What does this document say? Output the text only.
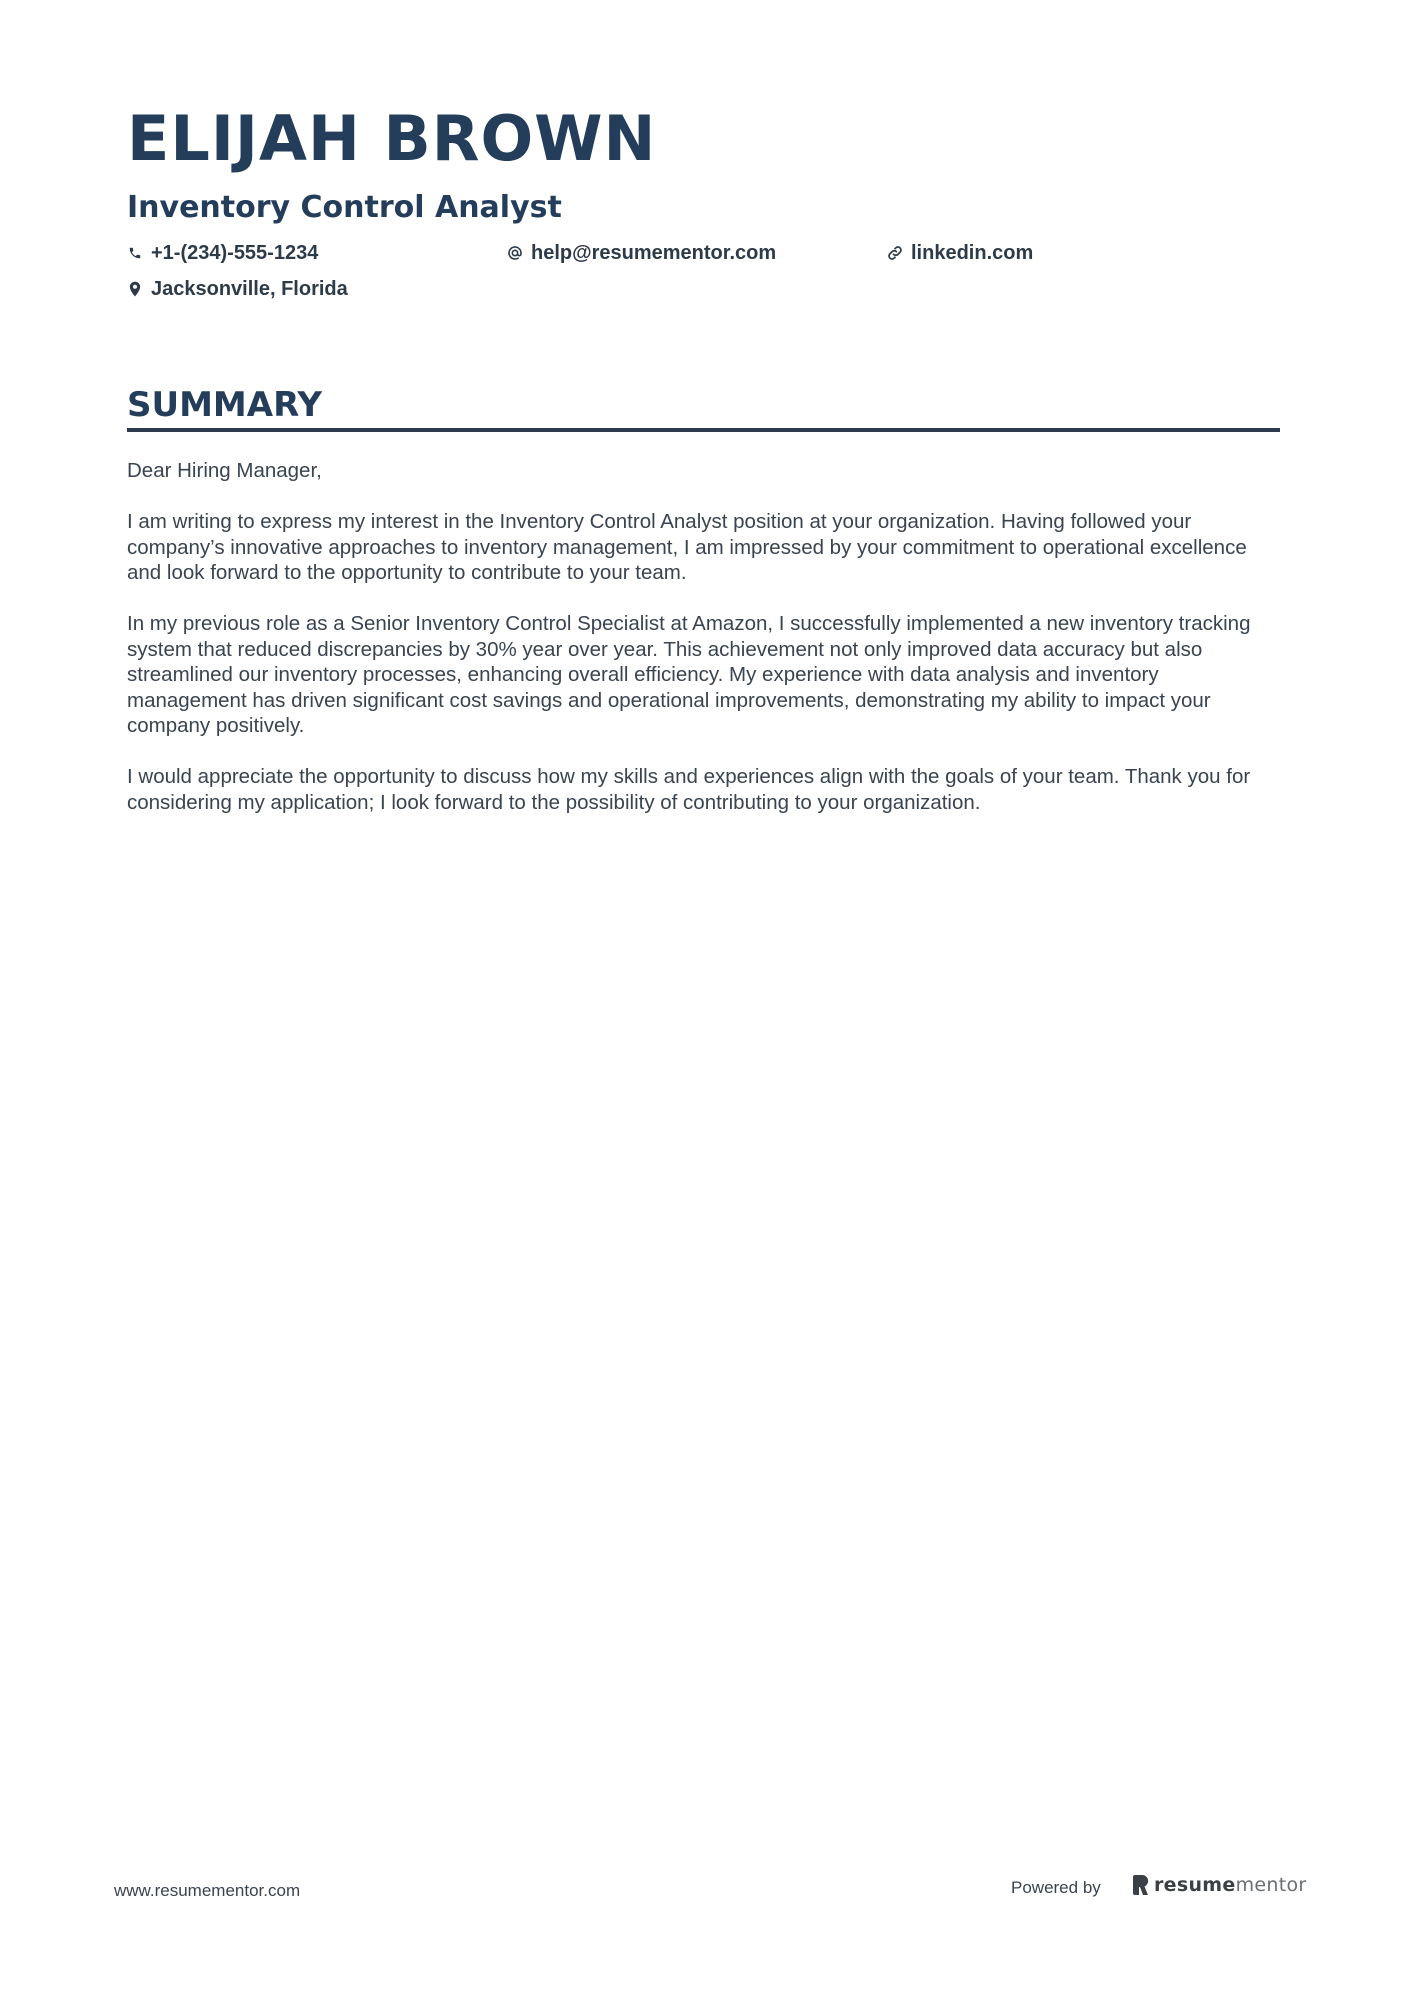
ELIJAH BROWN
Inventory Control Analyst
+1-(234)-555-1234	help@resumementor.com	linkedin.com
Jacksonville, Florida
SUMMARY

Dear Hiring Manager,

I am writing to express my interest in the Inventory Control Analyst position at your organization. Having followed your company’s innovative approaches to inventory management, I am impressed by your commitment to operational excellence and look forward to the opportunity to contribute to your team.

In my previous role as a Senior Inventory Control Specialist at Amazon, I successfully implemented a new inventory tracking system that reduced discrepancies by 30% year over year. This achievement not only improved data accuracy but also streamlined our inventory processes, enhancing overall efficiency. My experience with data analysis and inventory management has driven significant cost savings and operational improvements, demonstrating my ability to impact your company positively.

I would appreciate the opportunity to discuss how my skills and experiences align with the goals of your team. Thank you for considering my application; I look forward to the possibility of contributing to your organization.

www.resumementor.com	Powered by	resumementor
